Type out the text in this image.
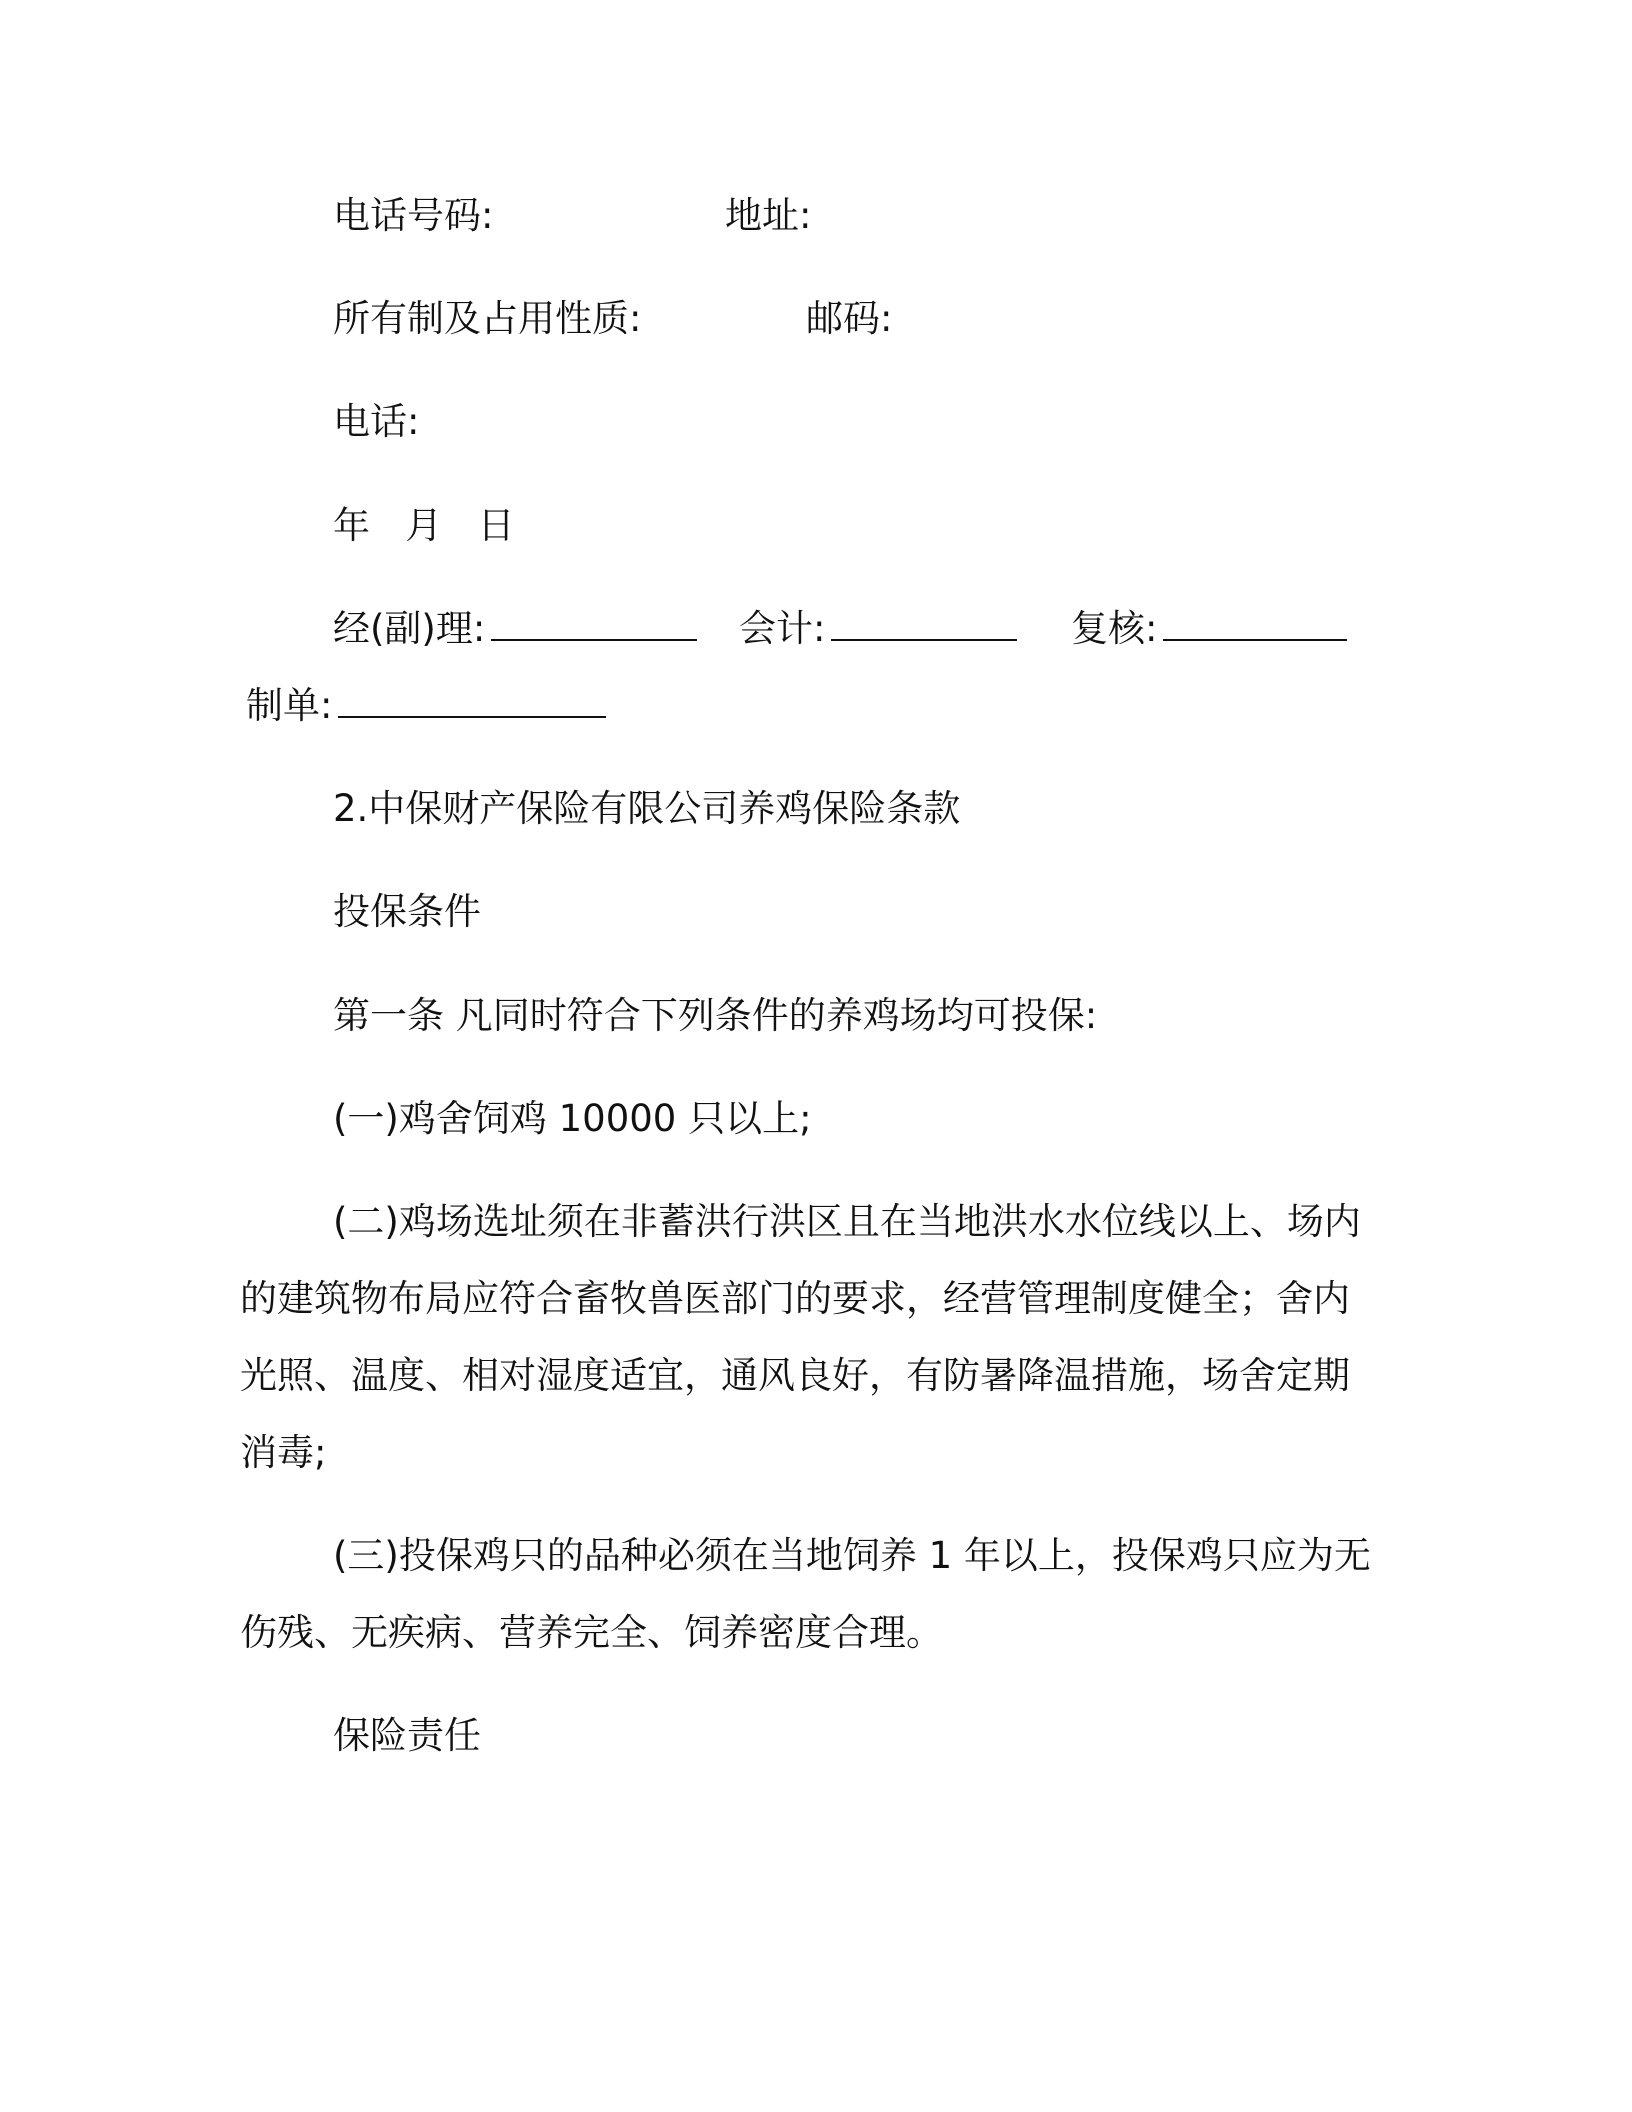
电话号码:	地址:
所有制及占用性质:	邮码:
电话:
年   月   日
经(副)理:	会计:	复核:
制单:
2.中保财产保险有限公司养鸡保险条款
投保条件
第一条 凡同时符合下列条件的养鸡场均可投保:
(一)鸡舍饲鸡 10000 只以上;
(二)鸡场选址须在非蓄洪行洪区且在当地洪水水位线以上、场内
的建筑物布局应符合畜牧兽医部门的要求，经营管理制度健全；舍内
光照、温度、相对湿度适宜，通风良好，有防暑降温措施，场舍定期
消毒;
(三)投保鸡只的品种必须在当地饲养 1 年以上，投保鸡只应为无
伤残、无疾病、营养完全、饲养密度合理。
保险责任
